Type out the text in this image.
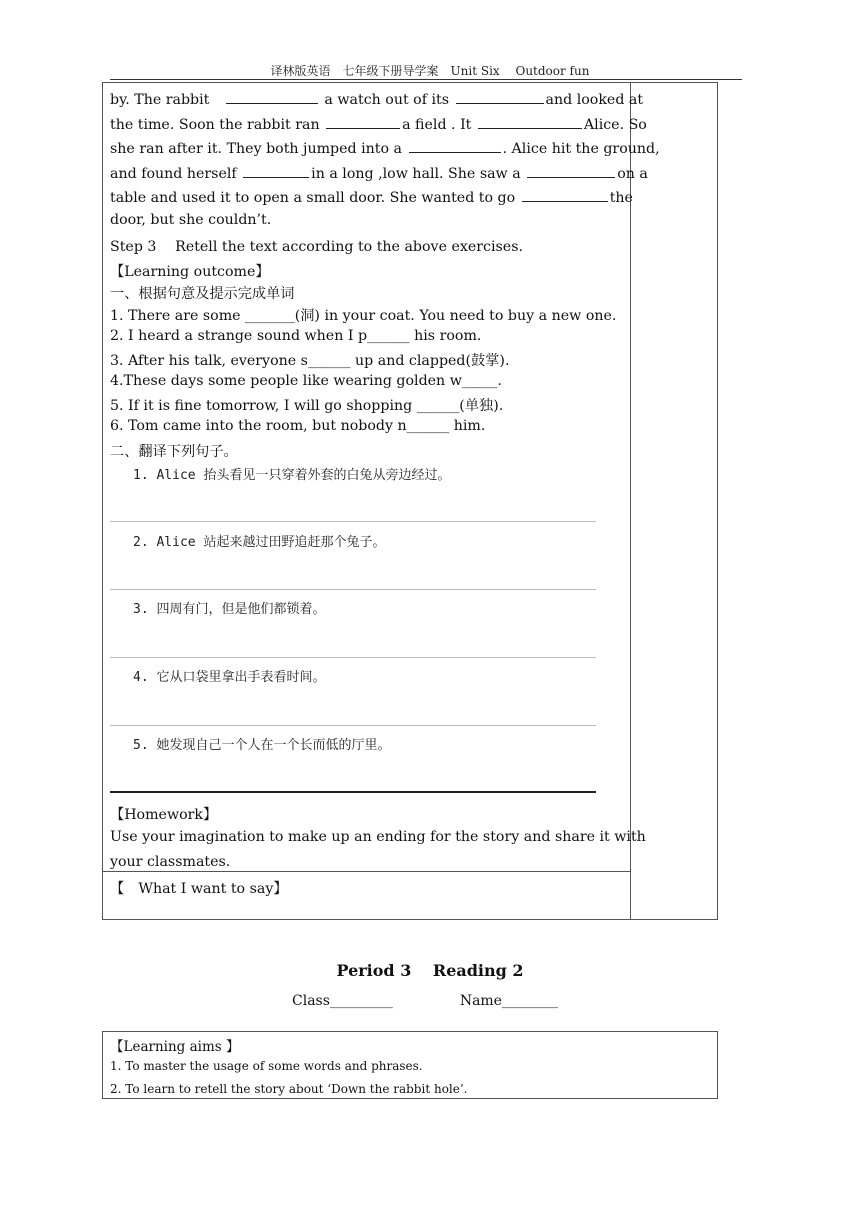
译林版英语　七年级下册导学案　Unit Six　 Outdoor fun
by. The rabbit	a watch out of its	and looked at
the time. Soon the rabbit ran	a field . It	Alice. So
she ran after it. They both jumped into a	. Alice hit the ground,
and found herself	in a long ,low hall. She saw a	on a
table and used it to open a small door. She wanted to go	the
door, but she couldn’t.
Step 3　 Retell the text according to the above exercises.
【Learning outcome】
一、根据句意及提示完成单词
1. There are some _______(洞) in your coat. You need to buy a new one.
2. I heard a strange sound when I p______ his room.
3. After his talk, everyone s______ up and clapped(鼓掌).
4.These days some people like wearing golden w_____.
5. If it is fine tomorrow, I will go shopping ______(单独).
6. Tom came into the room, but nobody n______ him.
二、翻译下列句子。
1. Alice 抬头看见一只穿着外套的白兔从旁边经过。
2. Alice 站起来越过田野追赶那个兔子。
3. 四周有门，但是他们都锁着。
4. 它从口袋里拿出手表看时间。
5. 她发现自己一个人在一个长而低的厅里。
【Homework】
Use your imagination to make up an ending for the story and share it with
your classmates.
【　What I want to say】
Period 3　 Reading 2
Class_________	Name________
【Learning aims 】
1. To master the usage of some words and phrases.
2. To learn to retell the story about ‘Down the rabbit hole’.
